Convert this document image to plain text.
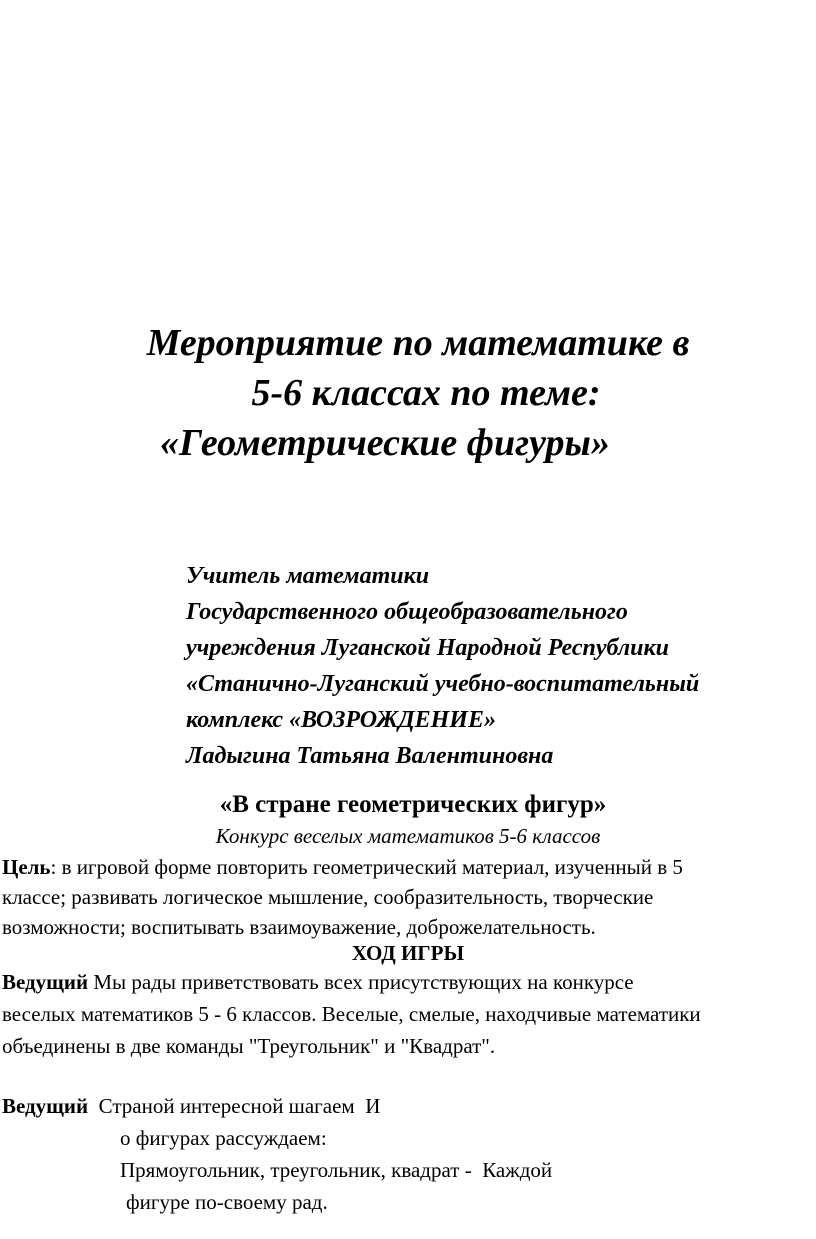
Мероприятие по математике в
5-6 классах по теме:
«Геометрические фигуры»
Учитель математики
Государственного общеобразовательного
учреждения Луганской Народной Республики
«Станично-Луганский учебно-воспитательный
комплекс «ВОЗРОЖДЕНИЕ»
Ладыгина Татьяна Валентиновна
«В стране геометрических фигур»
Конкурс веселых математиков 5-6 классов
Цель: в игровой форме повторить геометрический материал, изученный в 5
классе; развивать логическое мышление, сообразительность, творческие
возможности; воспитывать взаимоуважение, доброжелательность.
ХОД ИГРЫ
Ведущий Мы рады приветствовать всех присутствующих на конкурсе
веселых математиков 5 - 6 классов. Веселые, смелые, находчивые математики
объединены в две команды "Треугольник" и "Квадрат".
Ведущий  Страной интересной шагаем  И
о фигурах рассуждаем:
Прямоугольник, треугольник, квадрат -  Каждой
фигуре по-своему рад.
